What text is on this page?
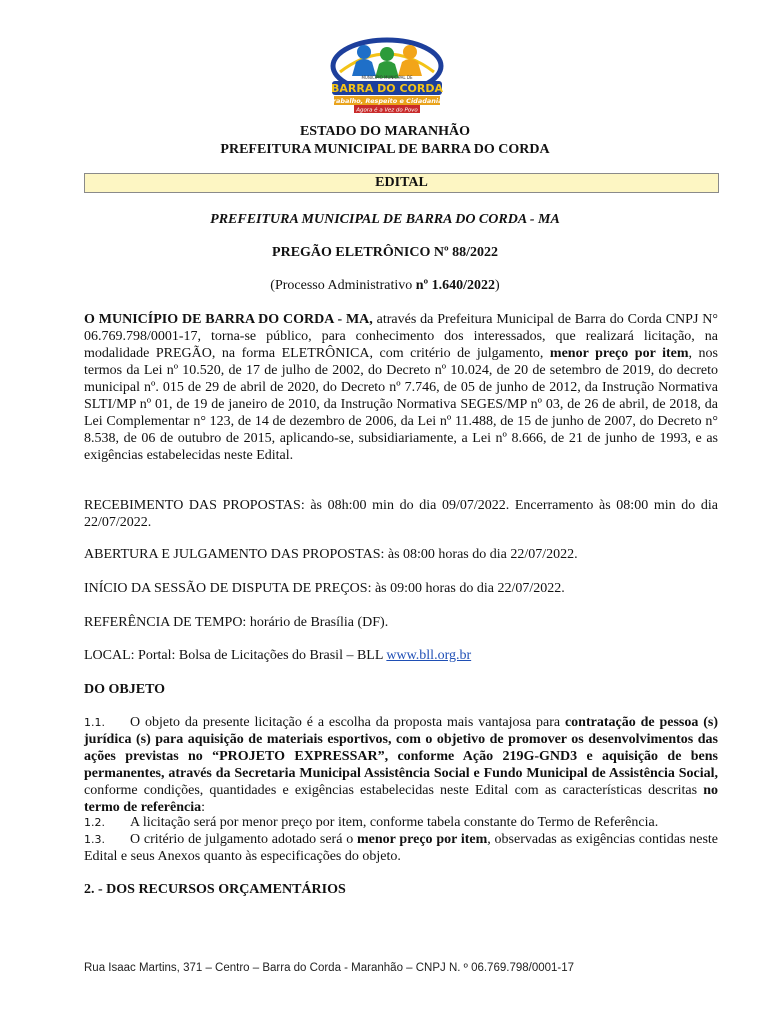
MUNICÍPIO MUNICIPAL DE
BARRA DO CORDA
Trabalho, Respeito e Cidadania.
Agora é a Vez do Povo
ESTADO DO MARANHÃO
PREFEITURA MUNICIPAL DE BARRA DO CORDA
EDITAL
PREFEITURA MUNICIPAL DE BARRA DO CORDA - MA
PREGÃO ELETRÔNICO Nº 88/2022
(Processo Administrativo nº 1.640/2022)
O MUNICÍPIO DE BARRA DO CORDA - MA, através da Prefeitura Municipal de Barra do Corda CNPJ N° 06.769.798/0001-17, torna-se público, para conhecimento dos interessados, que realizará licitação, na modalidade PREGÃO, na forma ELETRÔNICA, com critério de julgamento, menor preço por item, nos termos da Lei nº 10.520, de 17 de julho de 2002, do Decreto nº 10.024, de 20 de setembro de 2019, do decreto municipal nº. 015 de 29 de abril de 2020, do Decreto nº 7.746, de 05 de junho de 2012, da Instrução Normativa SLTI/MP nº 01, de 19 de janeiro de 2010, da Instrução Normativa SEGES/MP nº 03, de 26 de abril, de 2018, da Lei Complementar n° 123, de 14 de dezembro de 2006, da Lei nº 11.488, de 15 de junho de 2007, do Decreto n° 8.538, de 06 de outubro de 2015, aplicando-se, subsidiariamente, a Lei nº 8.666, de 21 de junho de 1993, e as exigências estabelecidas neste Edital.
RECEBIMENTO DAS PROPOSTAS: às 08h:00 min do dia 09/07/2022. Encerramento às 08:00 min do dia 22/07/2022.
ABERTURA E JULGAMENTO DAS PROPOSTAS: às 08:00 horas do dia 22/07/2022.
INÍCIO DA SESSÃO DE DISPUTA DE PREÇOS: às 09:00 horas do dia 22/07/2022.
REFERÊNCIA DE TEMPO: horário de Brasília (DF).
LOCAL: Portal: Bolsa de Licitações do Brasil – BLL www.bll.org.br
DO OBJETO
1.1. O objeto da presente licitação é a escolha da proposta mais vantajosa para contratação de pessoa (s) jurídica (s) para aquisição de materiais esportivos, com o objetivo de promover os desenvolvimentos das ações previstas no “PROJETO EXPRESSAR”, conforme Ação 219G-GND3 e aquisição de bens permanentes, através da Secretaria Municipal Assistência Social e Fundo Municipal de Assistência Social, conforme condições, quantidades e exigências estabelecidas neste Edital com as características descritas no termo de referência:
1.2. A licitação será por menor preço por item, conforme tabela constante do Termo de Referência.
1.3. O critério de julgamento adotado será o menor preço por item, observadas as exigências contidas neste Edital e seus Anexos quanto às especificações do objeto.
2. - DOS RECURSOS ORÇAMENTÁRIOS
Rua Isaac Martins, 371 – Centro – Barra do Corda - Maranhão – CNPJ N. º 06.769.798/0001-17
